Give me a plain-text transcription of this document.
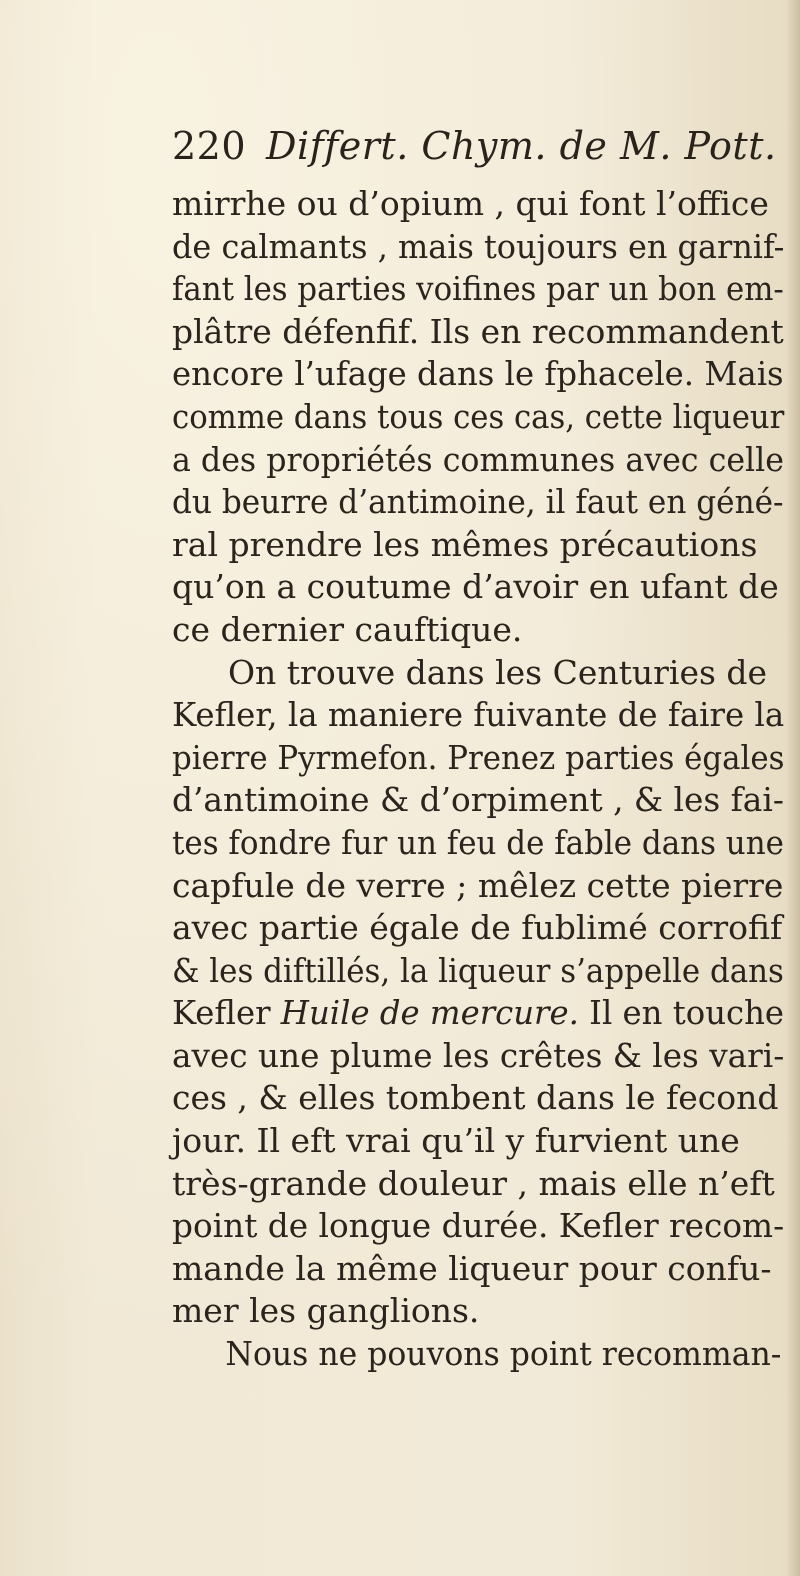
220 Differt. Chym. de M. Pott.
mirrhe ou d’opium , qui font l’office
de calmants , mais toujours en garnif-
fant les parties voifines par un bon em-
plâtre défenfif. Ils en recommandent
encore l’ufage dans le fphacele. Mais
comme dans tous ces cas, cette liqueur
a des propriétés communes avec celle
du beurre d’antimoine, il faut en géné-
ral prendre les mêmes précautions
qu’on a coutume d’avoir en ufant de
ce dernier cauftique.
On trouve dans les Centuries de
Kefler, la maniere fuivante de faire la
pierre Pyrmefon. Prenez parties égales
d’antimoine & d’orpiment , & les fai-
tes fondre fur un feu de fable dans une
capfule de verre ; mêlez cette pierre
avec partie égale de fublimé corrofif
& les diftillés, la liqueur s’appelle dans
Kefler Huile de mercure. Il en touche
avec une plume les crêtes & les vari-
ces , & elles tombent dans le fecond
jour. Il eft vrai qu’il y furvient une
très-grande douleur , mais elle n’eft
point de longue durée. Kefler recom-
mande la même liqueur pour confu-
mer les ganglions.
Nous ne pouvons point recomman-
